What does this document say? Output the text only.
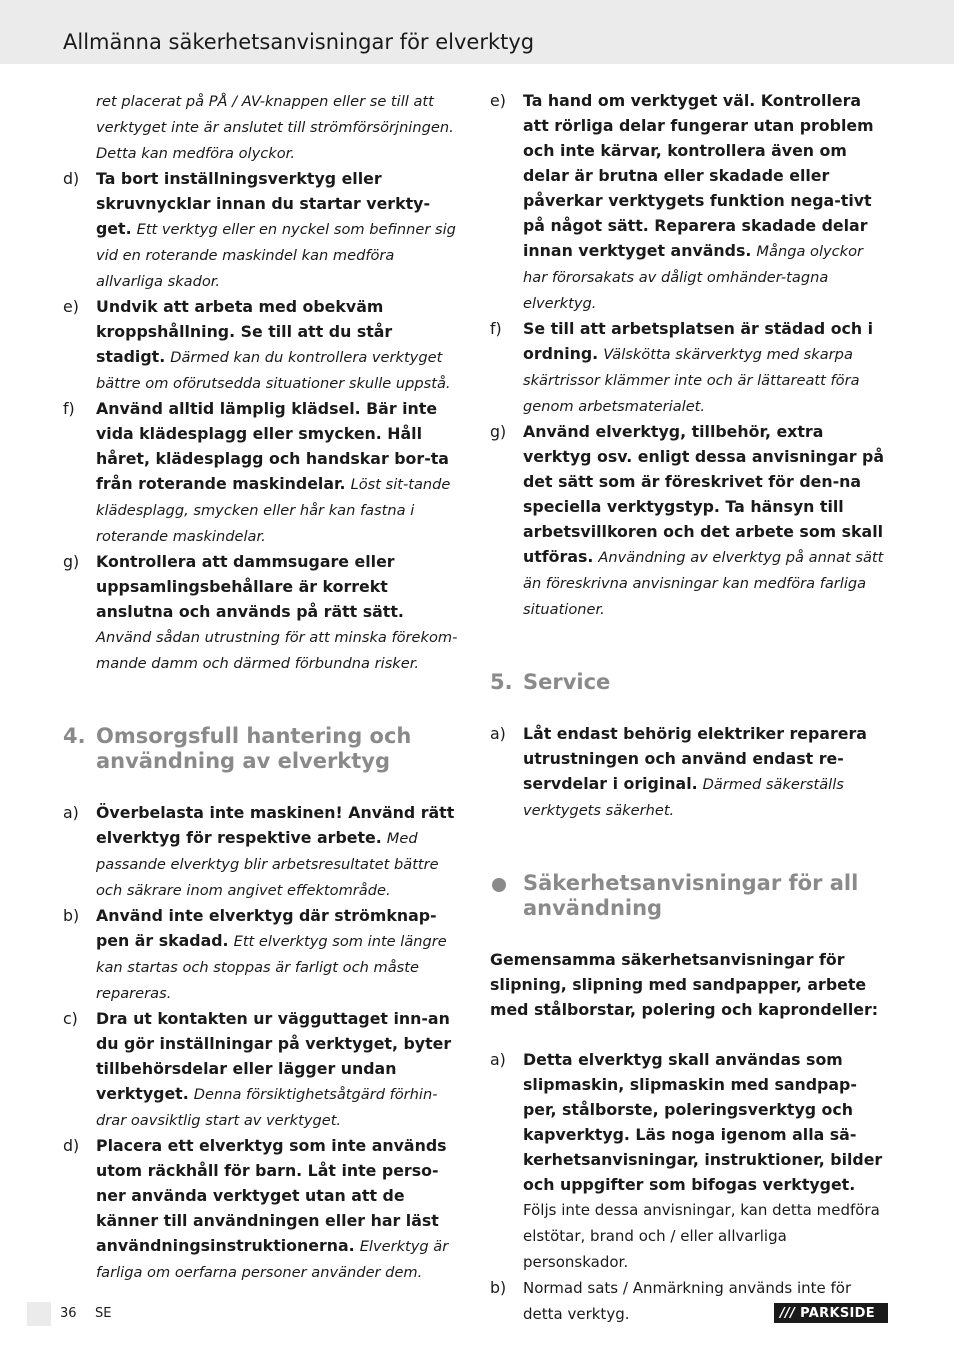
Allmänna säkerhetsanvisningar för elverktyg
ret placerat på PÅ / AV-knappen eller se till att verktyget inte är anslutet till strömförsörjningen. Detta kan medföra olyckor.
d) Ta bort inställningsverktyg eller skruvnycklar innan du startar verkty-get. Ett verktyg eller en nyckel som befinner sig vid en roterande maskindel kan medföra allvarliga skador.
e) Undvik att arbeta med obekväm kroppshållning. Se till att du står stadigt. Därmed kan du kontrollera verktyget bättre om oförutsedda situationer skulle uppstå.
f) Använd alltid lämplig klädsel. Bär inte vida klädesplagg eller smycken. Håll håret, klädesplagg och handskar bor-ta från roterande maskindelar. Löst sit-tande klädesplagg, smycken eller hår kan fastna i roterande maskindelar.
g) Kontrollera att dammsugare eller uppsamlingsbehållare är korrekt anslutna och används på rätt sätt. Använd sådan utrustning för att minska förekom-mande damm och därmed förbundna risker.
4. Omsorgsfull hantering och användning av elverktyg
a) Överbelasta inte maskinen! Använd rätt elverktyg för respektive arbete. Med passande elverktyg blir arbetsresultatet bättre och säkrare inom angivet effektområde.
b) Använd inte elverktyg där strömknap-pen är skadad. Ett elverktyg som inte längre kan startas och stoppas är farligt och måste repareras.
c) Dra ut kontakten ur vägguttaget inn-an du gör inställningar på verktyget, byter tillbehörsdelar eller lägger undan verktyget. Denna försiktighetsåtgärd förhin-drar oavsiktlig start av verktyget.
d) Placera ett elverktyg som inte används utom räckhåll för barn. Låt inte perso-ner använda verktyget utan att de känner till användningen eller har läst användningsinstruktionerna. Elverktyg är farliga om oerfarna personer använder dem.
e) Ta hand om verktyget väl. Kontrollera att rörliga delar fungerar utan problem och inte kärvar, kontrollera även om delar är brutna eller skadade eller påverkar verktygets funktion nega-tivt på något sätt. Reparera skadade delar innan verktyget används. Många olyckor har förorsakats av dåligt omhänder-tagna elverktyg.
f) Se till att arbetsplatsen är städad och i ordning. Välskötta skärverktyg med skarpa skärtrissor klämmer inte och är lättareatt föra genom arbetsmaterialet.
g) Använd elverktyg, tillbehör, extra verktyg osv. enligt dessa anvisningar på det sätt som är föreskrivet för den-na speciella verktygstyp. Ta hänsyn till arbetsvillkoren och det arbete som skall utföras. Användning av elverktyg på annat sätt än föreskrivna anvisningar kan medföra farliga situationer.
5. Service
a) Låt endast behörig elektriker reparera utrustningen och använd endast re-servdelar i original. Därmed säkerställs verktygets säkerhet.
Säkerhetsanvisningar för all användning
Gemensamma säkerhetsanvisningar för slipning, slipning med sandpapper, arbete med stålborstar, polering och kaprondeller:
a) Detta elverktyg skall användas som slipmaskin, slipmaskin med sandpap-per, stålborste, poleringsverktyg och kapverktyg. Läs noga igenom alla sä-kerhetsanvisningar, instruktioner, bilder och uppgifter som bifogas verktyget. Följs inte dessa anvisningar, kan detta medföra elstötar, brand och / eller allvarliga personskador.
b) Normad sats / Anmärkning används inte för detta verktyg.
36 SE	/// PARKSIDE
